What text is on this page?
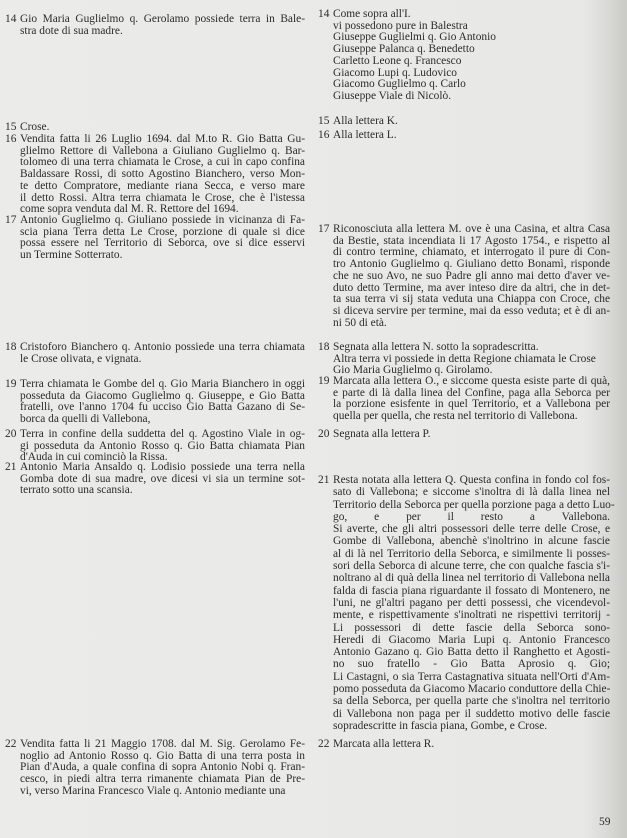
14 Gio Maria Guglielmo q. Gerolamo possiede terra in Bale-
stra dote di sua madre.
15 Crose.
16 Vendita fatta li 26 Luglio 1694. dal M.to R. Gio Batta Gu-
glielmo Rettore di Vallebona a Giuliano Guglielmo q. Bar-
tolomeo di una terra chiamata le Crose, a cui in capo confina
Baldassare Rossi, di sotto Agostino Bianchero, verso Mon-
te detto Compratore, mediante riana Secca, e verso mare
il detto Rossi. Altra terra chiamata le Crose, che è l'istessa
come sopra venduta dal M. R. Rettore del 1694.
17 Antonio Guglielmo q. Giuliano possiede in vicinanza di Fa-
scia piana Terra detta Le Crose, porzione di quale si dice
possa essere nel Territorio di Seborca, ove si dice esservi
un Termine Sotterrato.
18 Cristoforo Bianchero q. Antonio possiede una terra chiamata
le Crose olivata, e vignata.
19 Terra chiamata le Gombe del q. Gio Maria Bianchero in oggi
posseduta da Giacomo Guglielmo q. Giuseppe, e Gio Batta
fratelli, ove l'anno 1704 fu ucciso Gio Batta Gazano di Se-
borca da quelli di Vallebona,
20 Terra in confine della suddetta del q. Agostino Viale in og-
gi posseduta da Antonio Rosso q. Gio Batta chiamata Pian
d'Auda in cui cominciò la Rissa.
21 Antonio Maria Ansaldo q. Lodisio possiede una terra nella
Gomba dote di sua madre, ove dicesi vi sia un termine sot-
terrato sotto una scansia.
22 Vendita fatta li 21 Maggio 1708. dal M. Sig. Gerolamo Fe-
noglio ad Antonio Rosso q. Gio Batta di una terra posta in
Pian d'Auda, a quale confina di sopra Antonio Nobi q. Fran-
cesco, in piedi altra terra rimanente chiamata Pian de Pre-
vi, verso Marina Francesco Viale q. Antonio mediante una
14 Come sopra all'I.
vi possedono pure in Balestra
Giuseppe Guglielmi q. Gio Antonio
Giuseppe Palanca q. Benedetto
Carletto Leone q. Francesco
Giacomo Lupi q. Ludovico
Giacomo Guglielmo q. Carlo
Giuseppe Viale di Nicolò.
15 Alla lettera K.
16 Alla lettera L.
17 Riconosciuta alla lettera M. ove è una Casina, et altra Casa
da Bestie, stata incendiata li 17 Agosto 1754., e rispetto al
di contro termine, chiamato, et interrogato il pure di Con-
tro Antonio Guglielmo q. Giuliano detto Bonamì, risponde
che ne suo Avo, ne suo Padre gli anno mai detto d'aver ve-
duto detto Termine, ma aver inteso dire da altri, che in det-
ta sua terra vi sij stata veduta una Chiappa con Croce, che
si diceva servire per termine, mai da esso veduta; et è di an-
ni 50 di età.
18 Segnata alla lettera N. sotto la sopradescritta.
Altra terra vi possiede in detta Regione chiamata le Crose
Gio Maria Guglielmo q. Girolamo.
19 Marcata alla lettera O., e siccome questa esiste parte di quà,
e parte di là dalla linea del Confine, paga alla Seborca per
la porzione esisfente in quel Territorio, et a Vallebona per
quella per quella, che resta nel territorio di Vallebona.
20 Segnata alla lettera P.
21 Resta notata alla lettera Q. Questa confina in fondo col fos-
sato di Vallebona; e siccome s'inoltra di là dalla linea nel
Territorio della Seborca per quella porzione paga a detto Luo-
go, e per il resto a Vallebona.
Si averte, che gli altri possessori delle terre delle Crose, e
Gombe di Vallebona, abenchè s'inoltrino in alcune fascie
al di là nel Territorio della Seborca, e similmente li posses-
sori della Seborca di alcune terre, che con qualche fascia s'i-
noltrano al di quà della linea nel territorio di Vallebona nella
falda di fascia piana riguardante il fossato di Montenero, ne
l'uni, ne gl'altri pagano per detti possessi, che vicendevol-
mente, e rispettivamente s'inoltrati ne rispettivi territorij -
Li possessori di dette fascie della Seborca sono-
Heredi di Giacomo Maria Lupi q. Antonio Francesco
Antonio Gazano q. Gio Batta detto il Ranghetto et Agosti-
no suo fratello - Gio Batta Aprosio q. Gio;
Li Castagni, o sia Terra Castagnativa situata nell'Orti d'Am-
pomo posseduta da Giacomo Macario conduttore della Chie-
sa della Seborca, per quella parte che s'inoltra nel territorio
di Vallebona non paga per il suddetto motivo delle fascie
sopradescritte in fascia piana, Gombe, e Crose.
22 Marcata alla lettera R.
59
